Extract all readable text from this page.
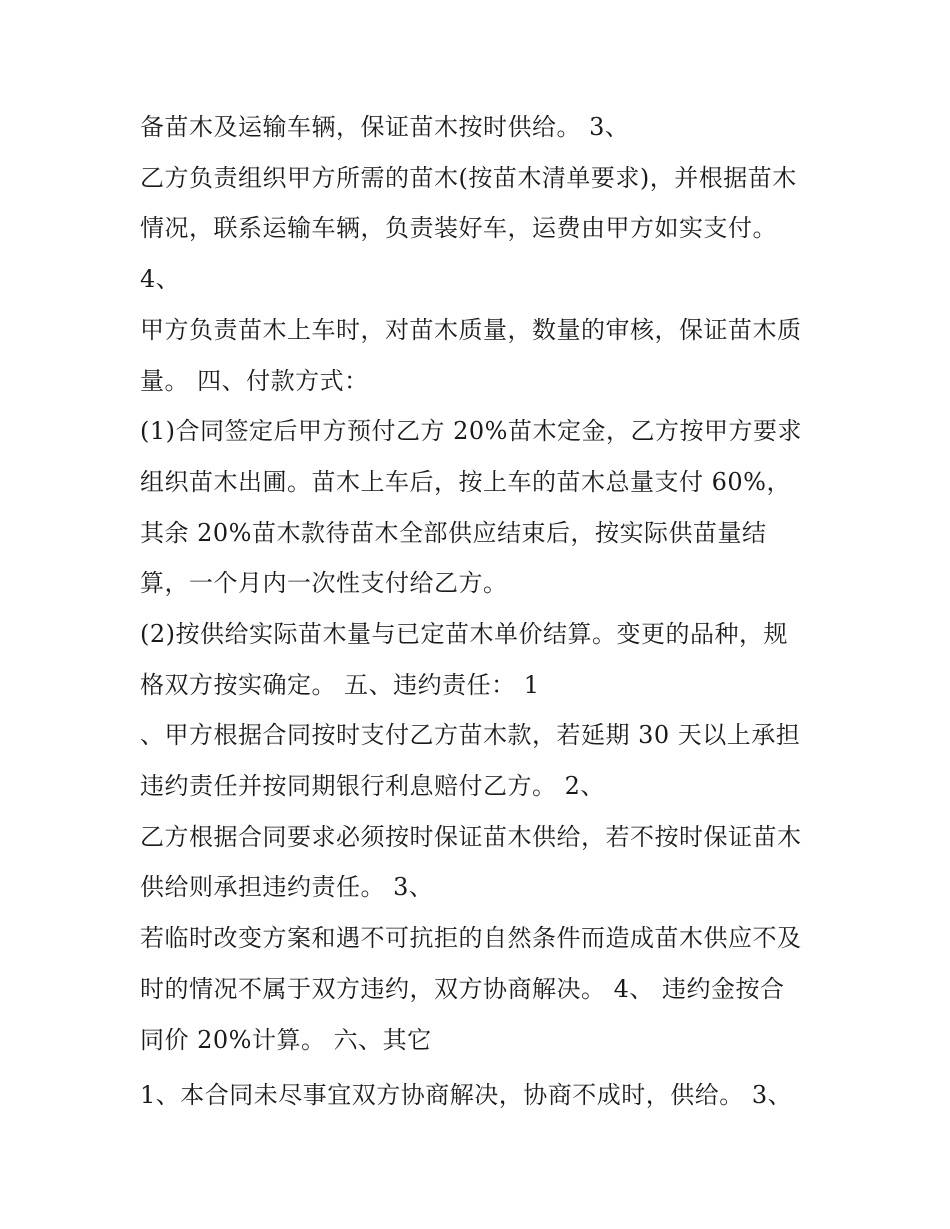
备苗木及运输车辆，保证苗木按时供给。 3、
乙方负责组织甲方所需的苗木(按苗木清单要求)，并根据苗木
情况，联系运输车辆，负责装好车，运费由甲方如实支付。
4、
甲方负责苗木上车时，对苗木质量，数量的审核，保证苗木质
量。 四、付款方式：
(1)合同签定后甲方预付乙方 20%苗木定金，乙方按甲方要求
组织苗木出圃。苗木上车后，按上车的苗木总量支付 60%，
其余 20%苗木款待苗木全部供应结束后，按实际供苗量结
算，一个月内一次性支付给乙方。
(2)按供给实际苗木量与已定苗木单价结算。变更的品种，规
格双方按实确定。 五、违约责任： 1
、甲方根据合同按时支付乙方苗木款，若延期 30 天以上承担
违约责任并按同期银行利息赔付乙方。 2、
乙方根据合同要求必须按时保证苗木供给，若不按时保证苗木
供给则承担违约责任。 3、
若临时改变方案和遇不可抗拒的自然条件而造成苗木供应不及
时的情况不属于双方违约，双方协商解决。 4、 违约金按合
同价 20%计算。 六、其它
1、本合同未尽事宜双方协商解决，协商不成时，供给。 3、
